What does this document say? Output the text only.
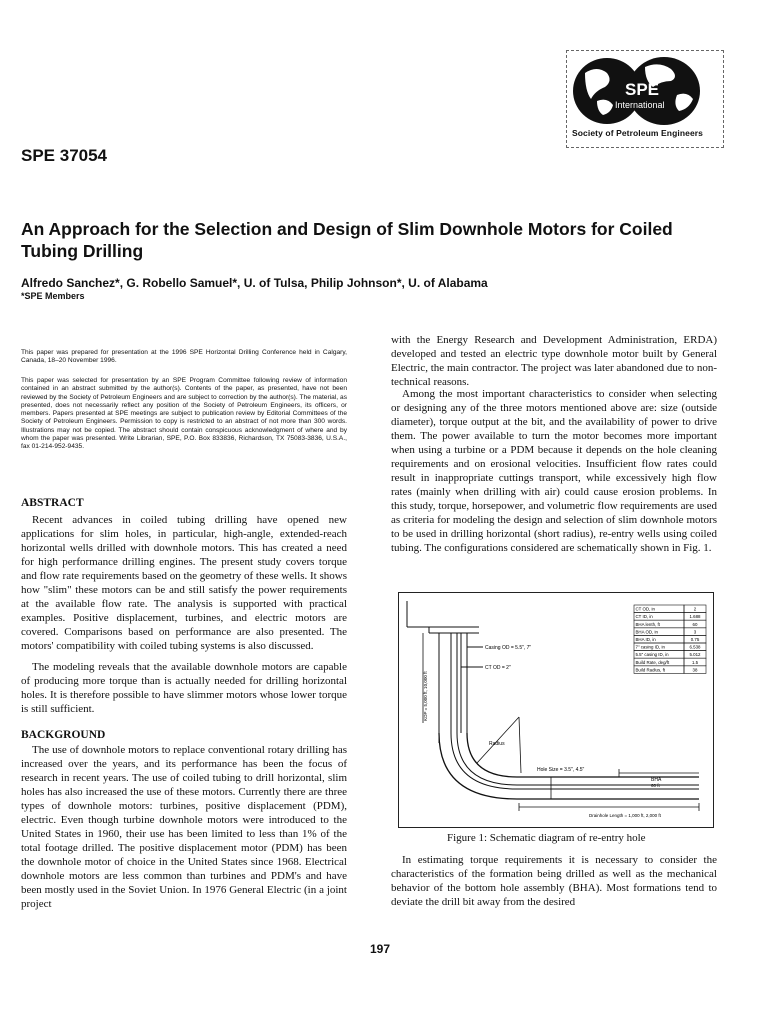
SPE
International
Society of Petroleum Engineers
SPE 37054
An Approach for the Selection and Design of Slim Downhole Motors for Coiled Tubing Drilling
Alfredo Sanchez*, G. Robello Samuel*, U. of Tulsa, Philip Johnson*, U. of Alabama
*SPE Members
This paper was prepared for presentation at the 1996 SPE Horizontal Drilling Conference held in Calgary, Canada, 18–20 November 1996.
This paper was selected for presentation by an SPE Program Committee following review of information contained in an abstract submitted by the author(s). Contents of the paper, as presented, have not been reviewed by the Society of Petroleum Engineers and are subject to correction by the author(s). The material, as presented, does not necessarily reflect any position of the Society of Petroleum Engineers, its officers, or members. Papers presented at SPE meetings are subject to publication review by Editorial Committees of the Society of Petroleum Engineers. Permission to copy is restricted to an abstract of not more than 300 words. Illustrations may not be copied. The abstract should contain conspicuous acknowledgment of where and by whom the paper was presented. Write Librarian, SPE, P.O. Box 833836, Richardson, TX 75083-3836, U.S.A., fax 01-214-952-9435.
ABSTRACT

Recent advances in coiled tubing drilling have opened new applications for slim holes, in particular, high-angle, extended-reach horizontal wells drilled with downhole motors. This has created a need for high performance drilling engines. The present study covers torque and flow rate requirements based on the geometry of these wells. It shows how "slim" these motors can be and still satisfy the power requirements at the available flow rate. The analysis is supported with practical examples. Positive displacement, turbines, and electric motors are covered. Comparisons based on performance are also presented. The motors' compatibility with coiled tubing systems is also discussed.

The modeling reveals that the available downhole motors are capable of producing more torque than is actually needed for drilling horizontal holes. It is therefore possible to have slimmer motors whose lower torque is still sufficient.

BACKGROUND

The use of downhole motors to replace conventional rotary drilling has increased over the years, and its performance has been the focus of research in recent years. The use of coiled tubing to drill horizontal, slim holes has also increased the use of these motors. Currently there are three types of downhole motors: turbines, positive displacement (PDM), electric. Even though turbine downhole motors were introduced to the United States in 1960, their use has been limited to less than 1% of the total footage drilled. The positive displacement motor (PDM) has been the downhole motor of choice in the United States since 1968. Electrical downhole motors are less common than turbines and PDM's and have been mostly used in the Soviet Union. In 1976 General Electric (in a joint project

with the Energy Research and Development Administration, ERDA) developed and tested an electric type downhole motor built by General Electric, the main contractor. The project was later abandoned due to non-technical reasons.

Among the most important characteristics to consider when selecting or designing any of the three motors mentioned above are: size (outside diameter), torque output at the bit, and the availability of power to drive them. The power available to turn the motor becomes more important when using a turbine or a PDM because it depends on the hole cleaning requirements and on erosional velocities. Insufficient flow rates could result in inappropriate cuttings transport, while excessively high flow rates (mainly when drilling with air) could cause erosion problems. In this study, torque, horsepower, and volumetric flow requirements are used as criteria for modeling the design and selection of slim downhole motors to be used in drilling horizontal (short radius), re-entry wells using coiled tubing. The configurations considered are schematically shown in Fig. 1.

Casing OD = 5.5", 7"
CT OD = 2"
KOP = 5,000 ft, 10,000 ft
Radius
Hole Size = 3.5", 4.5"
BHA
60 ft
Drainhole Length = 1,000 ft, 2,000 ft
CT OD, in	2
CT ID, in	1.688
BHA lenth, ft	60
BHA OD, in	3
BHA ID, in	0.75
7" casing ID, in	6.538
5.5" casing ID, in	5.012
Build Rate, deg/ft	1.5
Build Radius, ft	38
Figure 1: Schematic diagram of re-entry hole

In estimating torque requirements it is necessary to consider the characteristics of the formation being drilled as well as the mechanical behavior of the bottom hole assembly (BHA). Most formations tend to deviate the drill bit away from the desired

197
